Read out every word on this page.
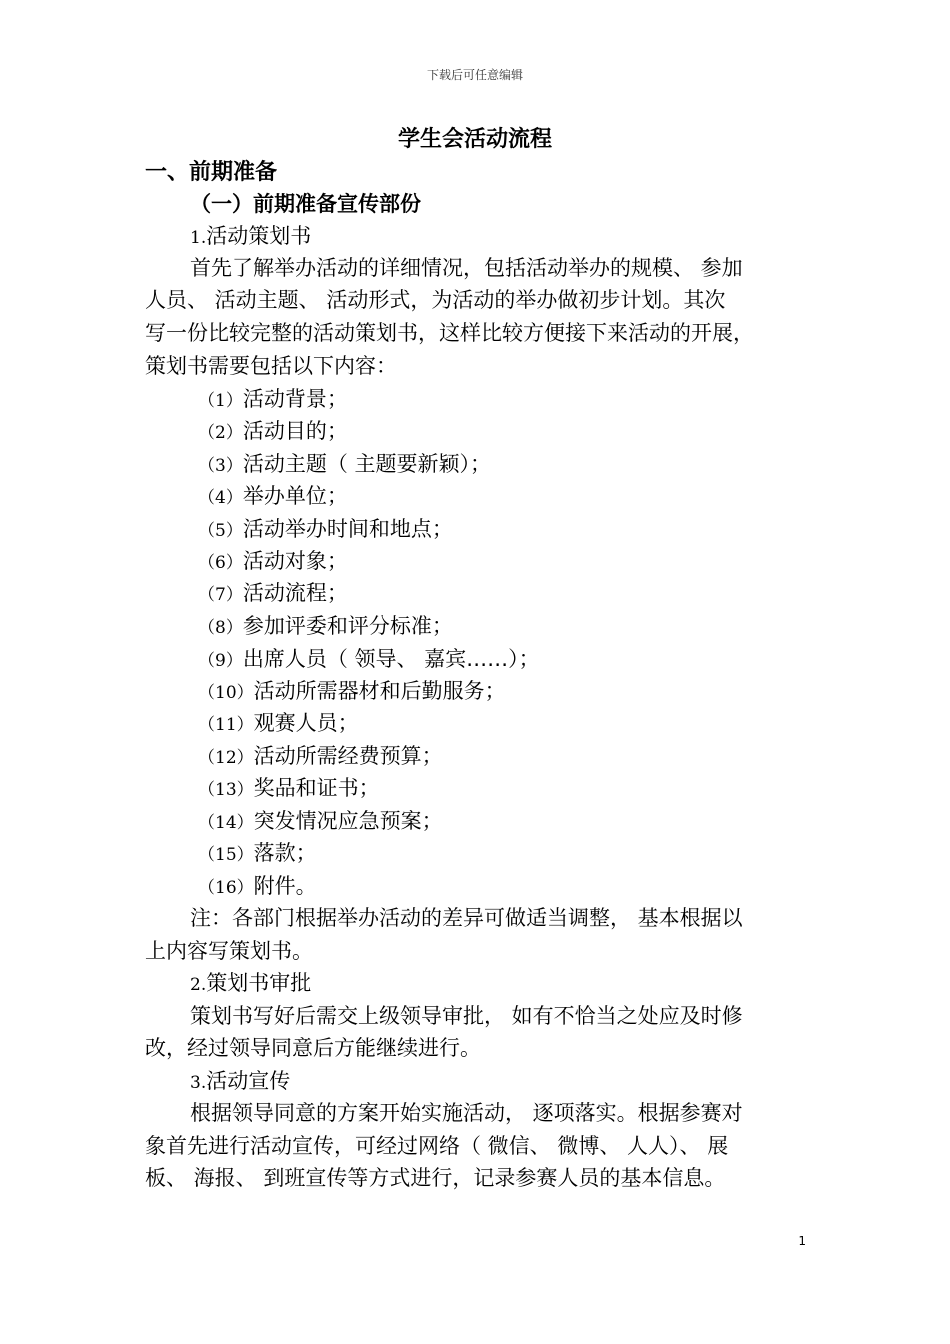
下载后可任意编辑
学生会活动流程
一、前期准备
（一）前期准备宣传部份
1.活动策划书
首先了解举办活动的详细情况，包括活动举办的规模、 参加
人员、 活动主题、 活动形式，为活动的举办做初步计划。其次
写一份比较完整的活动策划书，这样比较方便接下来活动的开展，
策划书需要包括以下内容：
（1）活动背景；
（2）活动目的；
（3）活动主题（ 主题要新颖）；
（4）举办单位；
（5）活动举办时间和地点；
（6）活动对象；
（7）活动流程；
（8）参加评委和评分标准；
（9）出席人员（ 领导、 嘉宾……）；
（10）活动所需器材和后勤服务；
（11）观赛人员；
（12）活动所需经费预算；
（13）奖品和证书；
（14）突发情况应急预案；
（15）落款；
（16）附件。
注：各部门根据举办活动的差异可做适当调整， 基本根据以
上内容写策划书。
2.策划书审批
策划书写好后需交上级领导审批， 如有不恰当之处应及时修
改，经过领导同意后方能继续进行。
3.活动宣传
根据领导同意的方案开始实施活动， 逐项落实。根据参赛对
象首先进行活动宣传，可经过网络（ 微信、 微博、 人人）、 展
板、 海报、 到班宣传等方式进行，记录参赛人员的基本信息。
1
